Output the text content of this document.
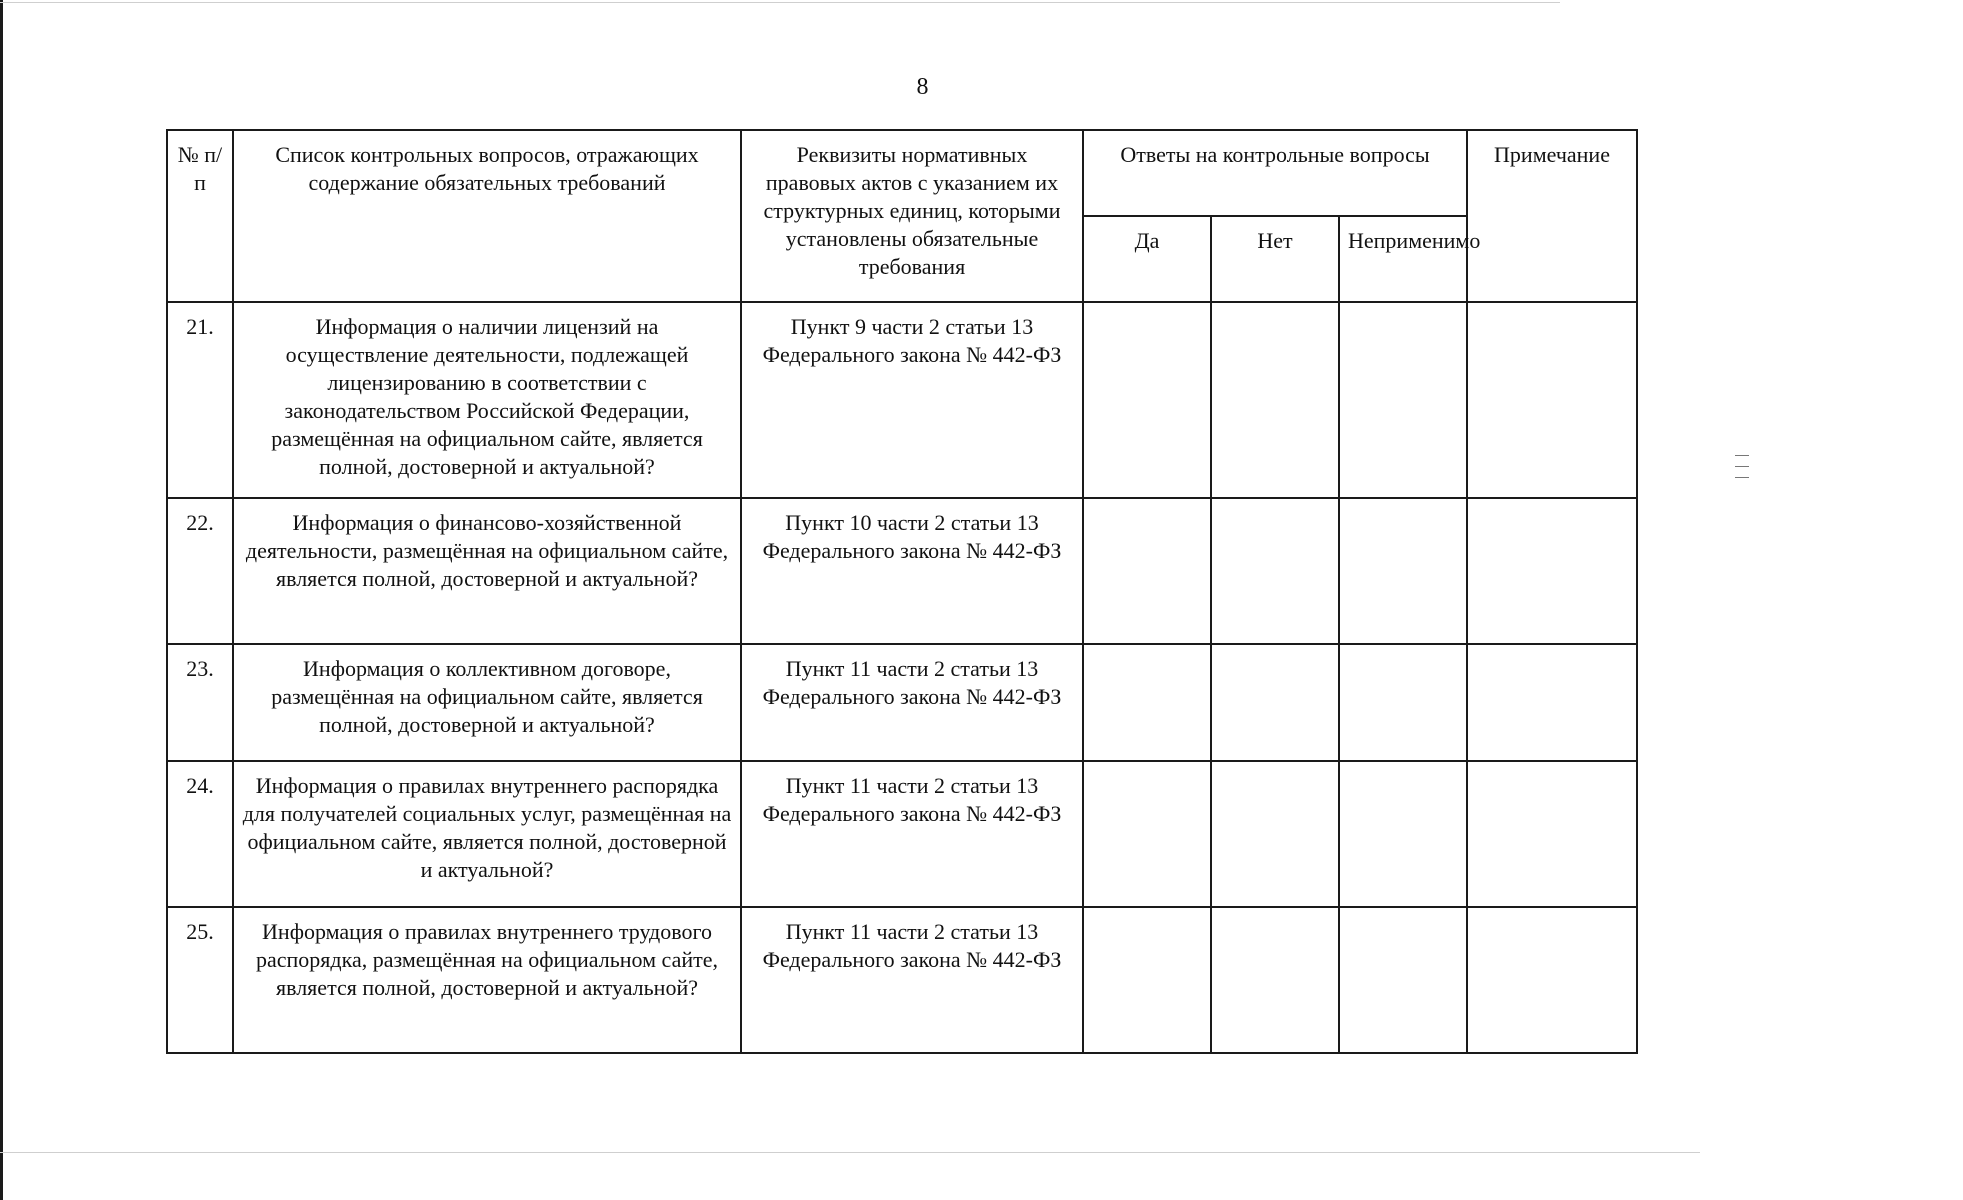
8
№ п/п	Список контрольных вопросов, отражающих содержание обязательных требований	Реквизиты нормативных правовых актов с указанием их структурных единиц, которыми установлены обязательные требования	Ответы на контрольные вопросы			Примечание
			Да	Нет	Неприменимо	
21.	Информация о наличии лицензий на осуществление деятельности, подлежащей лицензированию в соответствии с законодательством Российской Федерации, размещённая на официальном сайте, является полной, достоверной и актуальной?	Пункт 9 части 2 статьи 13 Федерального закона № 442-ФЗ				
22.	Информация о финансово-хозяйственной деятельности, размещённая на официальном сайте, является полной, достоверной и актуальной?	Пункт 10 части 2 статьи 13 Федерального закона № 442-ФЗ				
23.	Информация о коллективном договоре, размещённая на официальном сайте, является полной, достоверной и актуальной?	Пункт 11 части 2 статьи 13 Федерального закона № 442-ФЗ				
24.	Информация о правилах внутреннего распорядка для получателей социальных услуг, размещённая на официальном сайте, является полной, достоверной и актуальной?	Пункт 11 части 2 статьи 13 Федерального закона № 442-ФЗ				
25.	Информация о правилах внутреннего трудового распорядка, размещённая на официальном сайте, является полной, достоверной и актуальной?	Пункт 11 части 2 статьи 13 Федерального закона № 442-ФЗ				
